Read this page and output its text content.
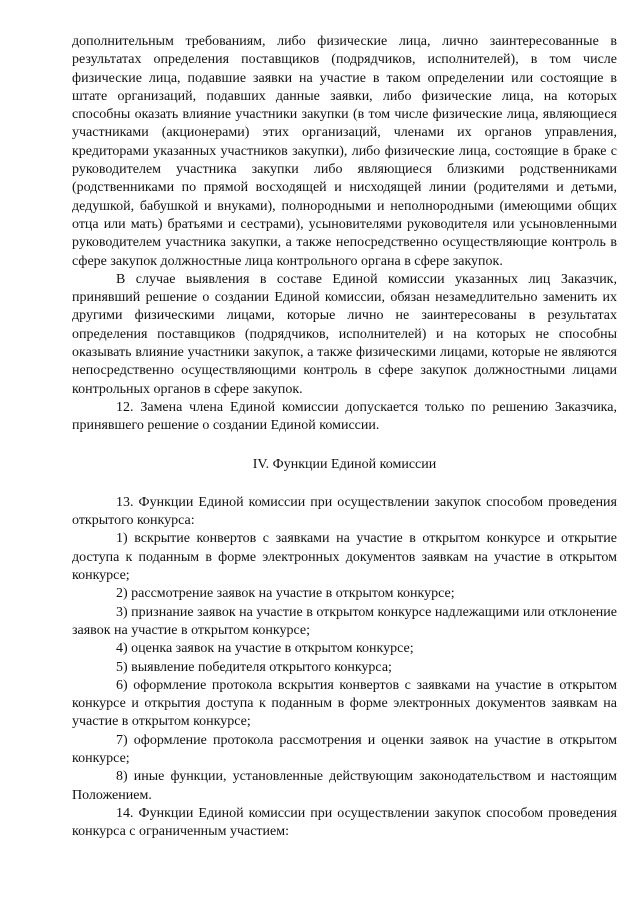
дополнительным требованиям, либо физические лица, лично заинтересованные в результатах определения поставщиков (подрядчиков, исполнителей), в том числе физические лица, подавшие заявки на участие в таком определении или состоящие в штате организаций, подавших данные заявки, либо физические лица, на которых способны оказать влияние участники закупки (в том числе физические лица, являющиеся участниками (акционерами) этих организаций, членами их органов управления, кредиторами указанных участников закупки), либо физические лица, состоящие в браке с руководителем участника закупки либо являющиеся близкими родственниками (родственниками по прямой восходящей и нисходящей линии (родителями и детьми, дедушкой, бабушкой и внуками), полнородными и неполнородными (имеющими общих отца или мать) братьями и сестрами), усыновителями руководителя или усыновленными руководителем участника закупки, а также непосредственно осуществляющие контроль в сфере закупок должностные лица контрольного органа в сфере закупок.

В случае выявления в составе Единой комиссии указанных лиц Заказчик, принявший решение о создании Единой комиссии, обязан незамедлительно заменить их другими физическими лицами, которые лично не заинтересованы в результатах определения поставщиков (подрядчиков, исполнителей) и на которых не способны оказывать влияние участники закупок, а также физическими лицами, которые не являются непосредственно осуществляющими контроль в сфере закупок должностными лицами контрольных органов в сфере закупок.

12. Замена члена Единой комиссии допускается только по решению Заказчика, принявшего решение о создании Единой комиссии.

IV. Функции Единой комиссии

13. Функции Единой комиссии при осуществлении закупок способом проведения открытого конкурса:

1) вскрытие конвертов с заявками на участие в открытом конкурсе и открытие доступа к поданным в форме электронных документов заявкам на участие в открытом конкурсе;

2) рассмотрение заявок на участие в открытом конкурсе;

3) признание заявок на участие в открытом конкурсе надлежащими или отклонение заявок на участие в открытом конкурсе;

4) оценка заявок на участие в открытом конкурсе;

5) выявление победителя открытого конкурса;

6) оформление протокола вскрытия конвертов с заявками на участие в открытом конкурсе и открытия доступа к поданным в форме электронных документов заявкам на участие в открытом конкурсе;

7) оформление протокола рассмотрения и оценки заявок на участие в открытом конкурсе;

8) иные функции, установленные действующим законодательством и настоящим Положением.

14. Функции Единой комиссии при осуществлении закупок способом проведения конкурса с ограниченным участием:
